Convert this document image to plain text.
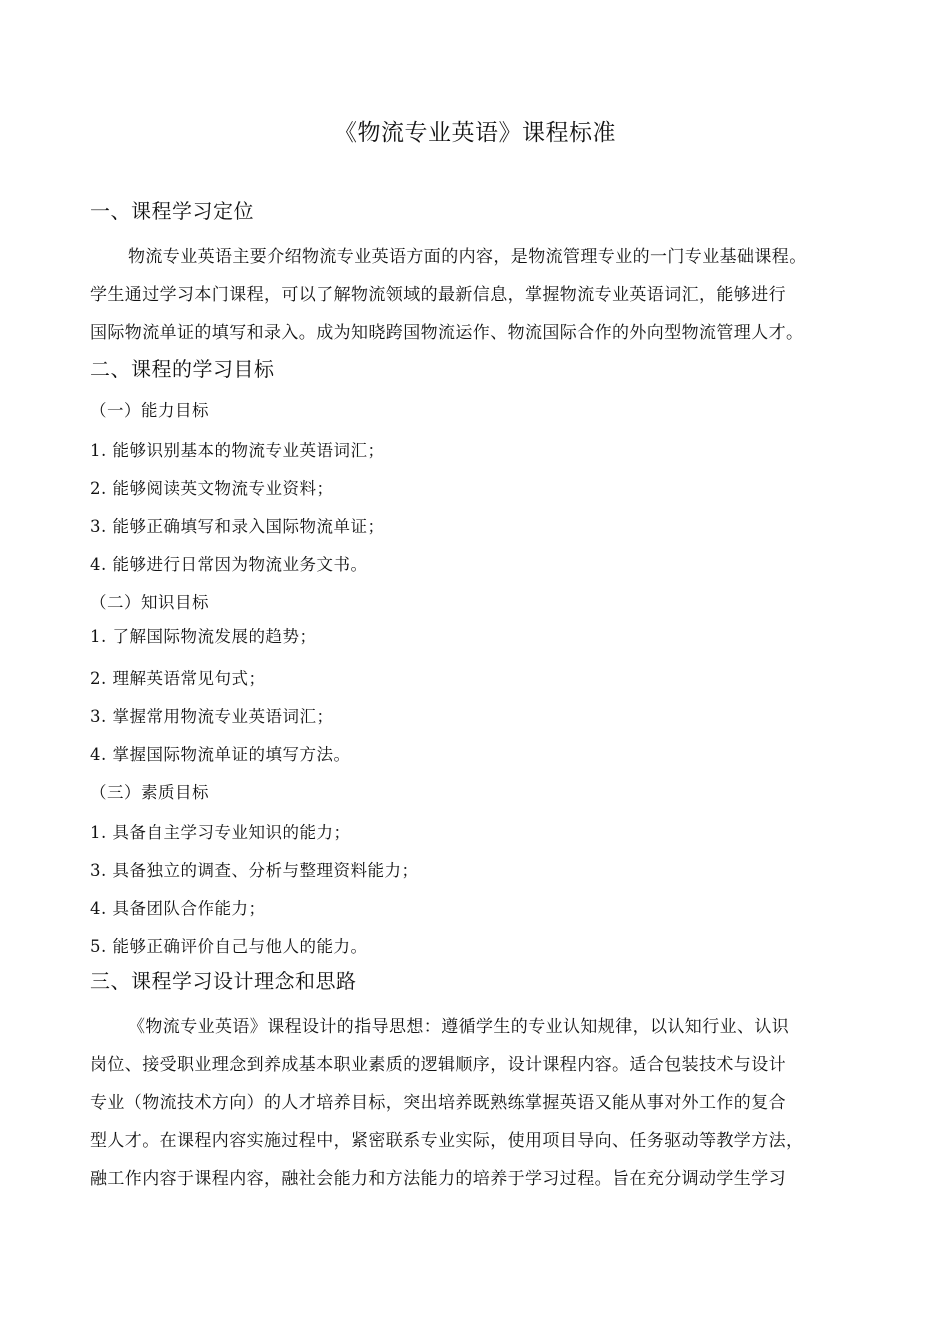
《物流专业英语》课程标准
一、课程学习定位
物流专业英语主要介绍物流专业英语方面的内容，是物流管理专业的一门专业基础课程。
学生通过学习本门课程，可以了解物流领域的最新信息，掌握物流专业英语词汇，能够进行
国际物流单证的填写和录入。成为知晓跨国物流运作、物流国际合作的外向型物流管理人才。
二、课程的学习目标
（一）能力目标
1. 能够识别基本的物流专业英语词汇；
2. 能够阅读英文物流专业资料；
3. 能够正确填写和录入国际物流单证；
4. 能够进行日常因为物流业务文书。
（二）知识目标
1. 了解国际物流发展的趋势；
2. 理解英语常见句式；
3. 掌握常用物流专业英语词汇；
4. 掌握国际物流单证的填写方法。
（三）素质目标
1. 具备自主学习专业知识的能力；
3. 具备独立的调查、分析与整理资料能力；
4. 具备团队合作能力；
5. 能够正确评价自己与他人的能力。
三、课程学习设计理念和思路
《物流专业英语》课程设计的指导思想：遵循学生的专业认知规律，以认知行业、认识
岗位、接受职业理念到养成基本职业素质的逻辑顺序，设计课程内容。适合包装技术与设计
专业（物流技术方向）的人才培养目标，突出培养既熟练掌握英语又能从事对外工作的复合
型人才。在课程内容实施过程中，紧密联系专业实际，使用项目导向、任务驱动等教学方法，
融工作内容于课程内容，融社会能力和方法能力的培养于学习过程。旨在充分调动学生学习
